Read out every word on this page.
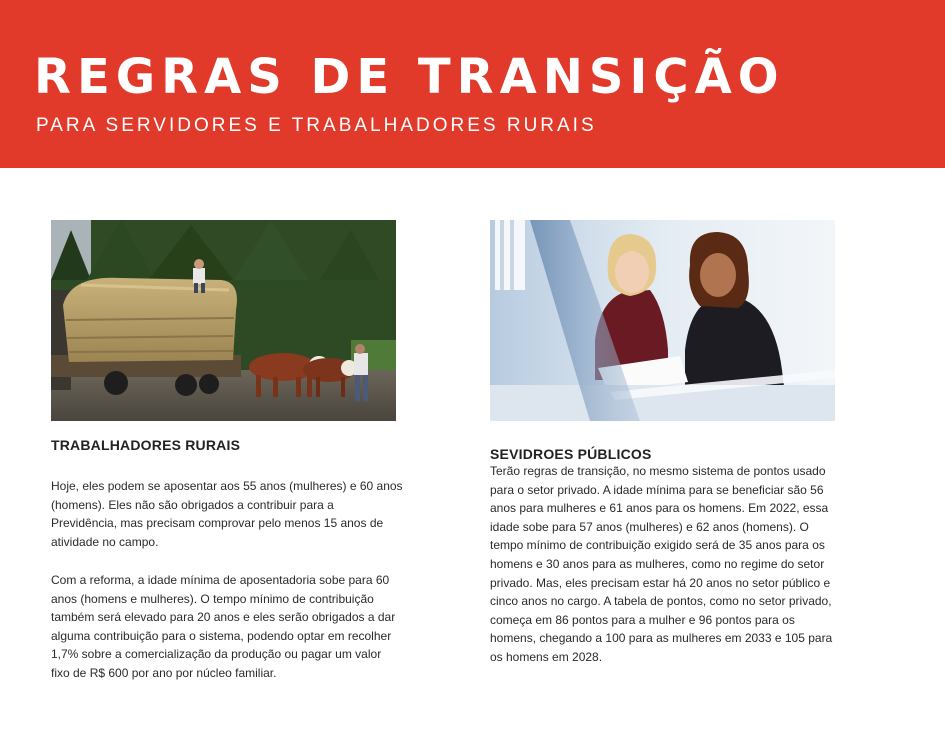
REGRAS DE TRANSIÇÃO

PARA SERVIDORES E TRABALHADORES RURAIS

TRABALHADORES RURAIS

Hoje, eles podem se aposentar aos 55 anos (mulheres) e 60 anos (homens). Eles não são obrigados a contribuir para a Previdência, mas precisam comprovar pelo menos 15 anos de atividade no campo.

Com a reforma, a idade mínima de aposentadoria sobe para 60 anos (homens e mulheres). O tempo mínimo de contribuição também será elevado para 20 anos e eles serão obrigados a dar alguma contribuição para o sistema, podendo optar em recolher 1,7% sobre a comercialização da produção ou pagar um valor fixo de R$ 600 por ano por núcleo familiar.

SEVIDROES PÚBLICOS

Terão regras de transição, no mesmo sistema de pontos usado para o setor privado. A idade mínima para se beneficiar são 56 anos para mulheres e 61 anos para os homens. Em 2022, essa idade sobe para 57 anos (mulheres) e 62 anos (homens). O tempo mínimo de contribuição exigido será de 35 anos para os homens e 30 anos para as mulheres, como no regime do setor privado. Mas, eles precisam estar há 20 anos no setor público e cinco anos no cargo. A tabela de pontos, como no setor privado, começa em 86 pontos para a mulher e 96 pontos para os homens, chegando a 100 para as mulheres em 2033 e 105 para os homens em 2028.
